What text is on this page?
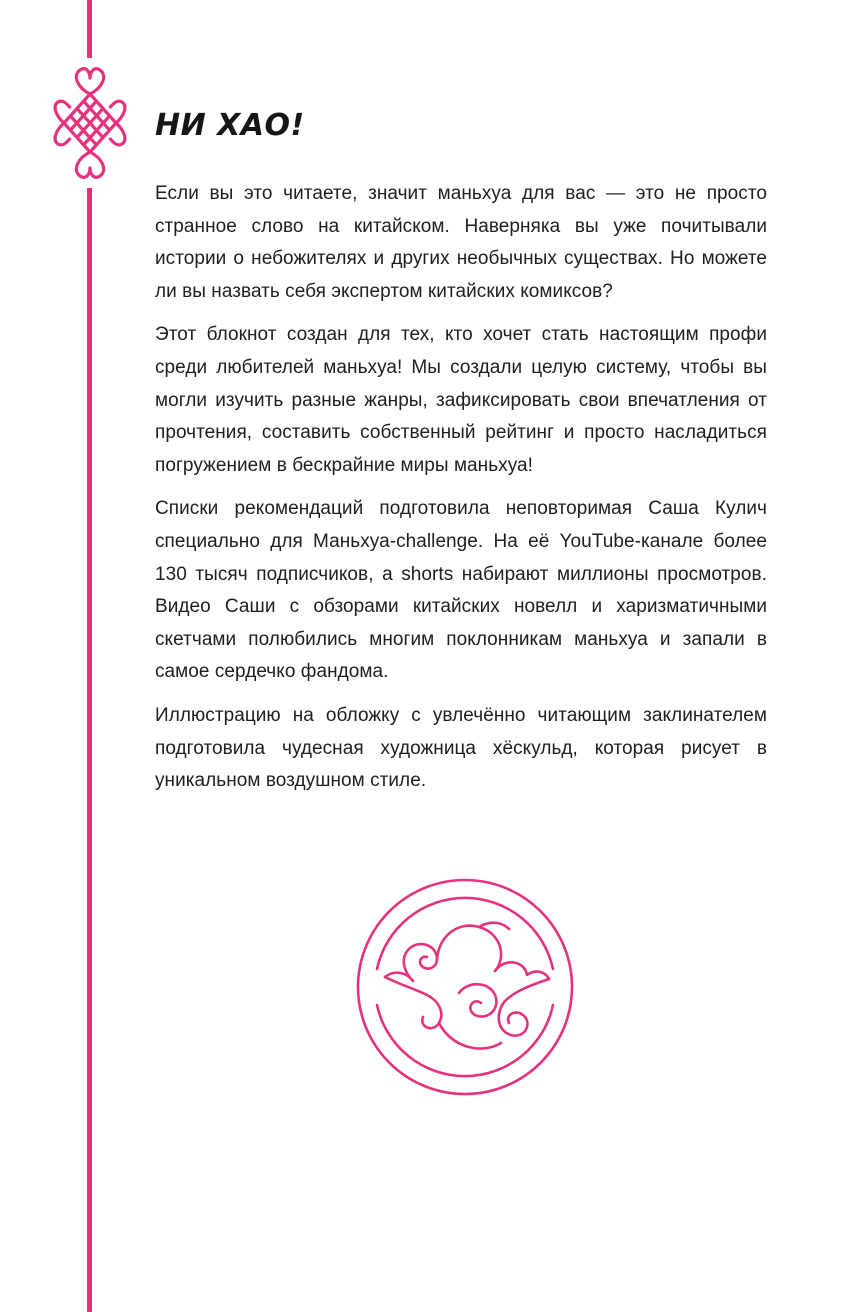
НИ ХАО!

Если вы это читаете, значит маньхуа для вас — это не просто странное слово на китайском. Наверняка вы уже почитывали истории о небожителях и других необычных существах. Но можете ли вы назвать себя экспертом китайских комиксов?

Этот блокнот создан для тех, кто хочет стать настоящим профи среди любителей маньхуа! Мы создали целую систему, чтобы вы могли изучить разные жанры, зафиксировать свои впечатления от прочтения, составить собственный рейтинг и просто насладиться погружением в бескрайние миры маньхуа!

Списки рекомендаций подготовила неповторимая Саша Кулич специально для Маньхуа-challenge. На её YouTube-канале более 130 тысяч подписчиков, а shorts набирают миллионы просмотров. Видео Саши с обзорами китайских новелл и харизматичными скетчами полюбились многим поклонникам маньхуа и запали в самое сердечко фандома.

Иллюстрацию на обложку с увлечённо читающим заклинателем подготовила чудесная художница хёскульд, которая рисует в уникальном воздушном стиле.
